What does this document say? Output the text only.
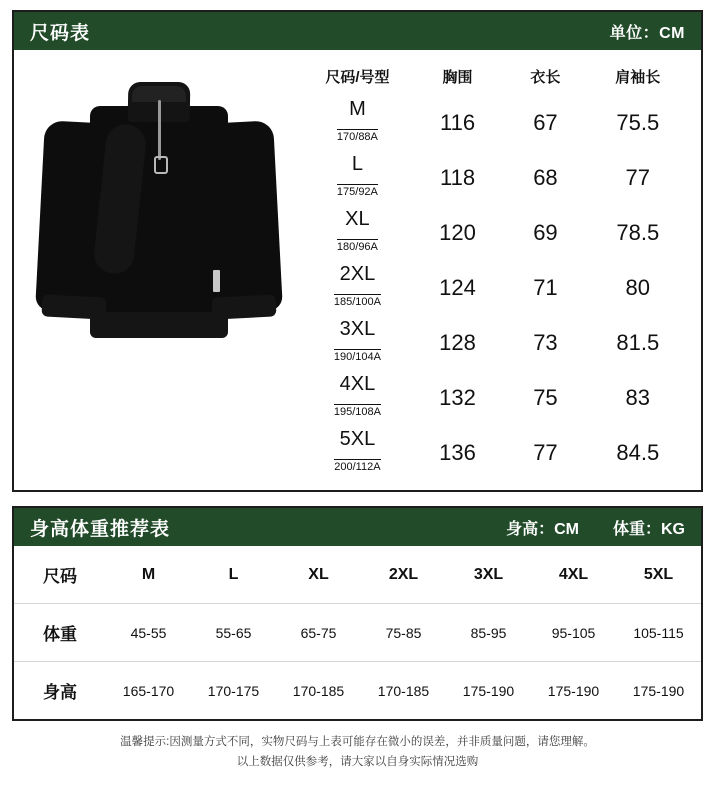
尺码表	单位：CM
尺码/号型	胸围	衣长	肩袖长

M
170/88A	116	67	75.5

L
175/92A	118	68	77

XL
180/96A	120	69	78.5

2XL
185/100A	124	71	80

3XL
190/104A	128	73	81.5

4XL
195/108A	132	75	83

5XL
200/112A	136	77	84.5
身高体重推荐表	身高：CM 体重：KG
尺码	M	L	XL	2XL	3XL	4XL	5XL
体重	45-55	55-65	65-75	75-85	85-95	95-105	105-115
身高	165-170	170-175	170-185	170-185	175-190	175-190	175-190
温馨提示:因测量方式不同，实物尺码与上表可能存在微小的误差，并非质量问题，请您理解。
以上数据仅供参考，请大家以自身实际情况选购
